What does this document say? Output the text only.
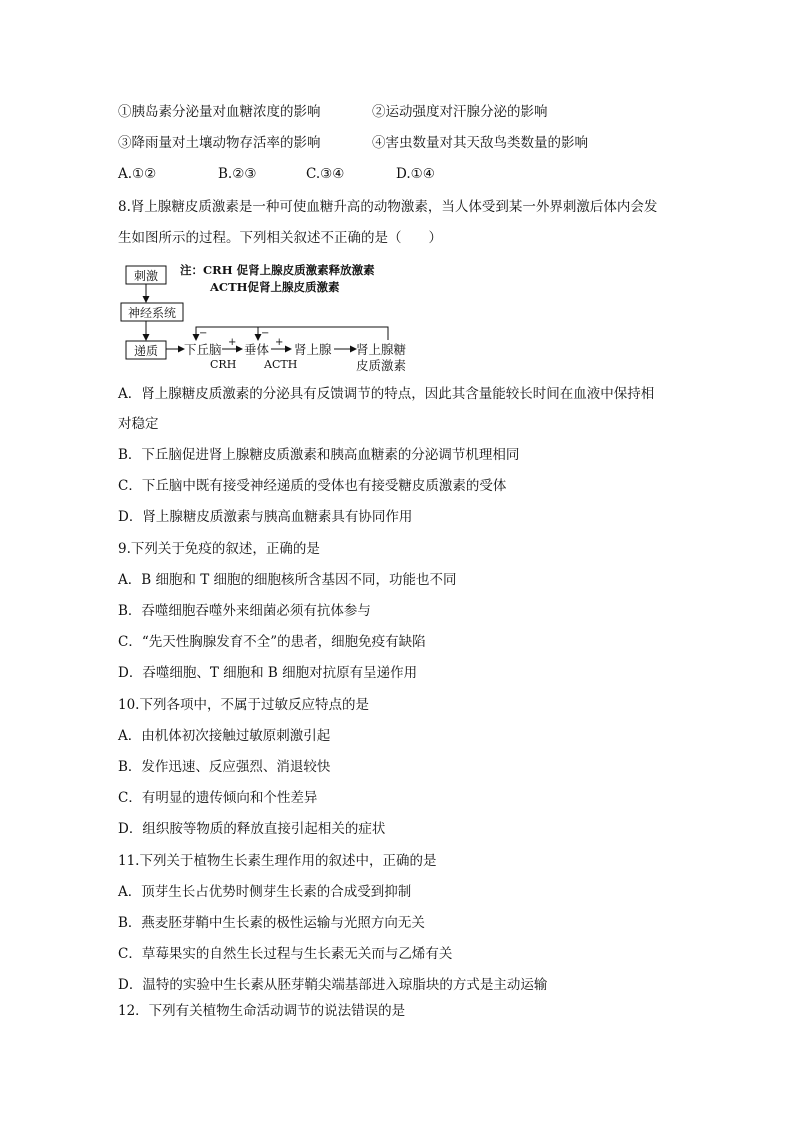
①胰岛素分泌量对血糖浓度的影响	②运动强度对汗腺分泌的影响
③降雨量对土壤动物存活率的影响	④害虫数量对其天敌鸟类数量的影响
A.①②	B.②③	C.③④	D.①④
8.肾上腺糖皮质激素是一种可使血糖升高的动物激素，当人体受到某一外界刺激后体内会发
生如图所示的过程。下列相关叙述不正确的是（　　）
刺激
神经系统
递质 下丘脑 +
CRH
垂体 +
ACTH
肾上腺 肾上腺糖
皮质激素
−	−
注：CRH 促肾上腺皮质激素释放激素
ACTH促肾上腺皮质激素
A．肾上腺糖皮质激素的分泌具有反馈调节的特点，因此其含量能较长时间在血液中保持相
对稳定
B．下丘脑促进肾上腺糖皮质激素和胰高血糖素的分泌调节机理相同
C．下丘脑中既有接受神经递质的受体也有接受糖皮质激素的受体
D．肾上腺糖皮质激素与胰高血糖素具有协同作用
9.下列关于免疫的叙述，正确的是
A．B 细胞和 T 细胞的细胞核所含基因不同，功能也不同
B．吞噬细胞吞噬外来细菌必须有抗体参与
C．“先天性胸腺发育不全”的患者，细胞免疫有缺陷
D．吞噬细胞、T 细胞和 B 细胞对抗原有呈递作用
10.下列各项中，不属于过敏反应特点的是
A．由机体初次接触过敏原刺激引起
B．发作迅速、反应强烈、消退较快
C．有明显的遗传倾向和个性差异
D．组织胺等物质的释放直接引起相关的症状
11.下列关于植物生长素生理作用的叙述中，正确的是
A．顶芽生长占优势时侧芽生长素的合成受到抑制
B．燕麦胚芽鞘中生长素的极性运输与光照方向无关
C．草莓果实的自然生长过程与生长素无关而与乙烯有关
D．温特的实验中生长素从胚芽鞘尖端基部进入琼脂块的方式是主动运输
12．下列有关植物生命活动调节的说法错误的是
